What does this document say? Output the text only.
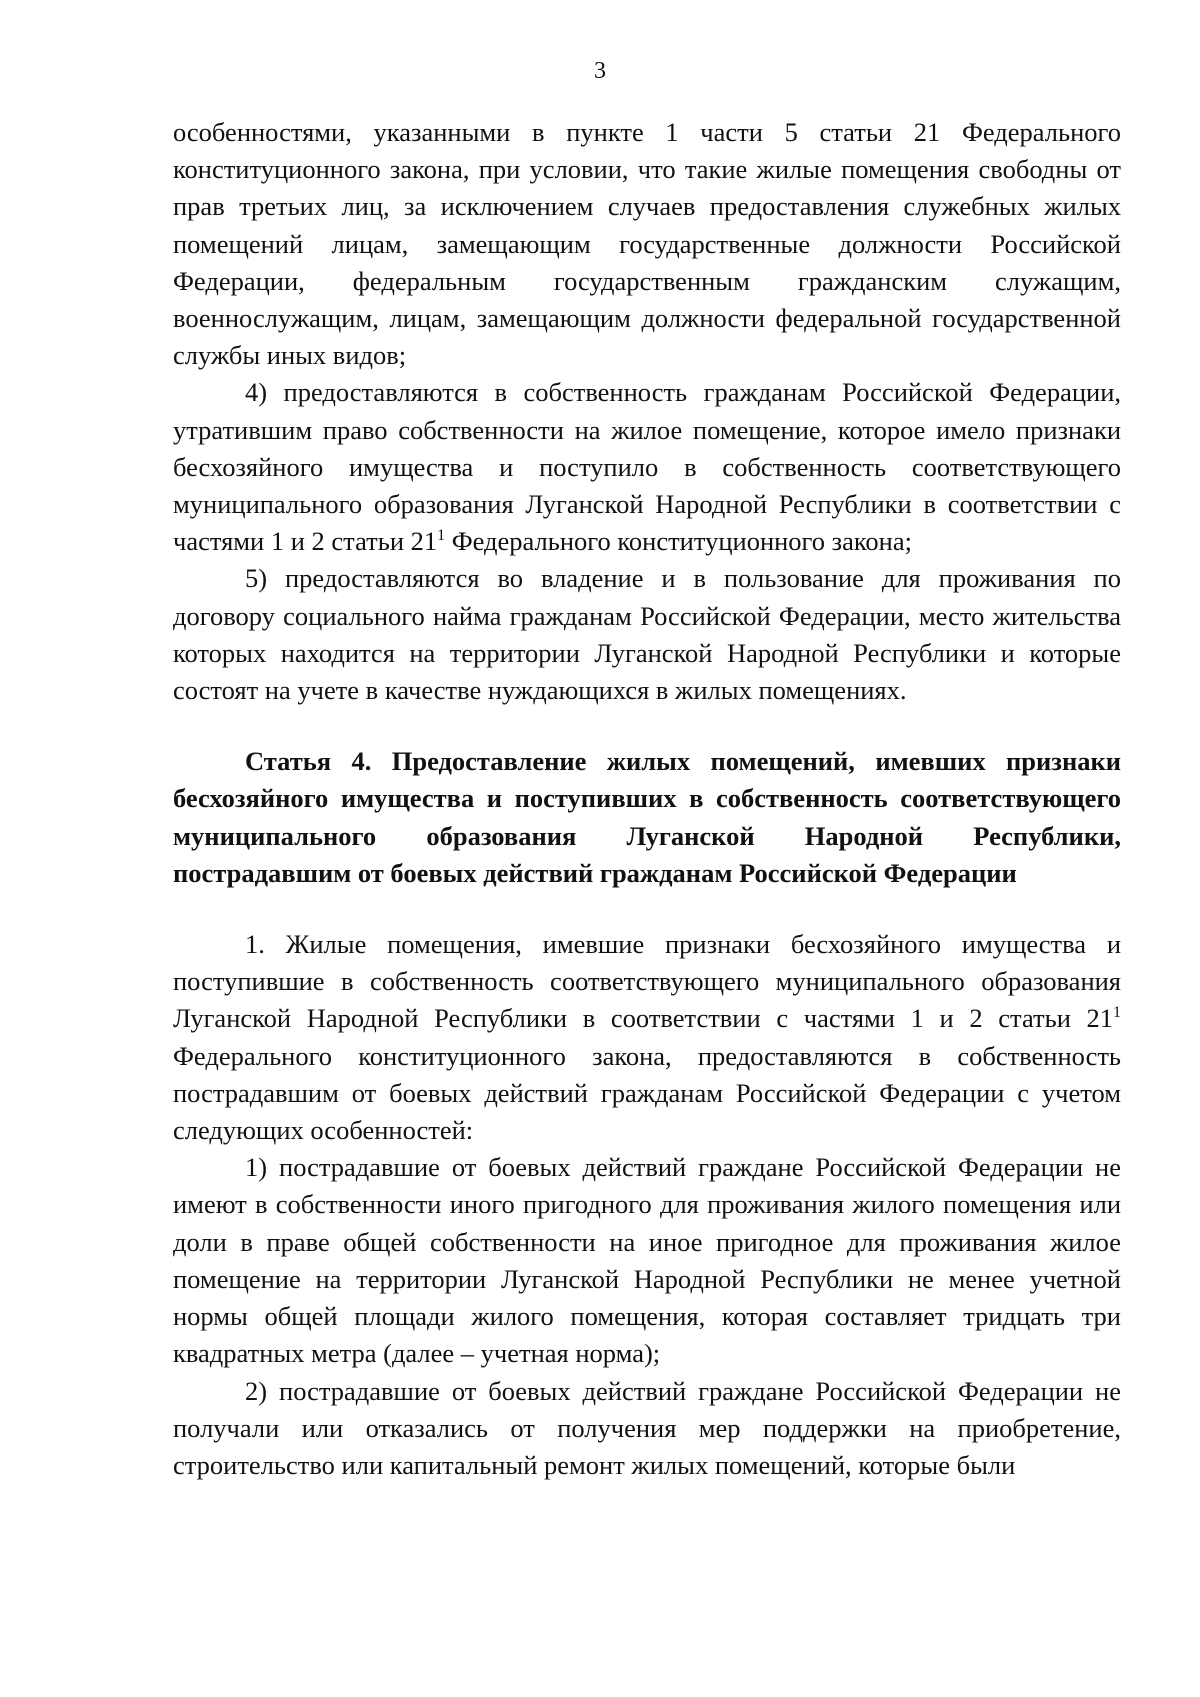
3

особенностями, указанными в пункте 1 части 5 статьи 21 Федерального конституционного закона, при условии, что такие жилые помещения свободны от прав третьих лиц, за исключением случаев предоставления служебных жилых помещений лицам, замещающим государственные должности Российской Федерации, федеральным государственным гражданским служащим, военнослужащим, лицам, замещающим должности федеральной государственной службы иных видов;

4) предоставляются в собственность гражданам Российской Федерации, утратившим право собственности на жилое помещение, которое имело признаки бесхозяйного имущества и поступило в собственность соответствующего муниципального образования Луганской Народной Республики в соответствии с частями 1 и 2 статьи $21^1$ Федерального конституционного закона;

5) предоставляются во владение и в пользование для проживания по договору социального найма гражданам Российской Федерации, место жительства которых находится на территории Луганской Народной Республики и которые состоят на учете в качестве нуждающихся в жилых помещениях.

Статья 4. Предоставление жилых помещений, имевших признаки бесхозяйного имущества и поступивших в собственность соответствующего муниципального образования Луганской Народной Республики, пострадавшим от боевых действий гражданам Российской Федерации

1. Жилые помещения, имевшие признаки бесхозяйного имущества и поступившие в собственность соответствующего муниципального образования Луганской Народной Республики в соответствии с частями 1 и 2 статьи $21^1$ Федерального конституционного закона, предоставляются в собственность пострадавшим от боевых действий гражданам Российской Федерации с учетом следующих особенностей:

1) пострадавшие от боевых действий граждане Российской Федерации не имеют в собственности иного пригодного для проживания жилого помещения или доли в праве общей собственности на иное пригодное для проживания жилое помещение на территории Луганской Народной Республики не менее учетной нормы общей площади жилого помещения, которая составляет тридцать три квадратных метра (далее – учетная норма);

2) пострадавшие от боевых действий граждане Российской Федерации не получали или отказались от получения мер поддержки на приобретение, строительство или капитальный ремонт жилых помещений, которые были
